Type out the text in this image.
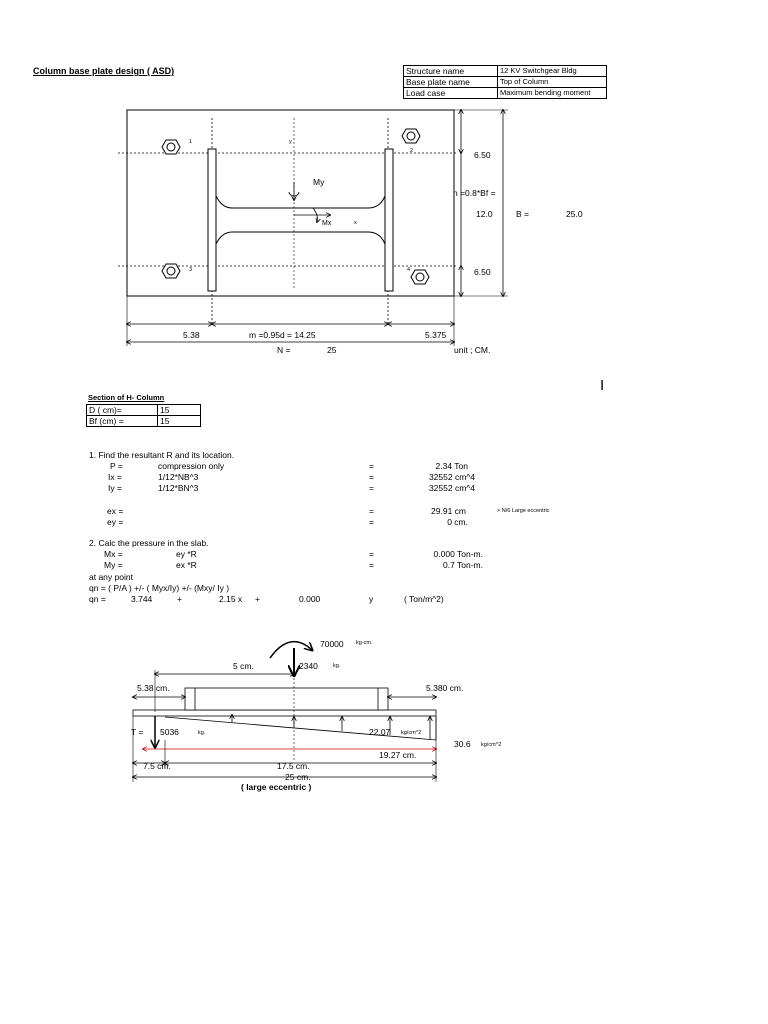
Column base plate design ( ASD)	Structure name	12 KV Switchgear Bldg
Base plate name	Top of Column
Load case	Maximum bending moment
1
2
3	4
y
x
My
Mx
6.50
n =0.8*Bf =
12.0	B =	25.0
6.50
5.38	m =0.95d = 14.25	5.375
N =	25	unit ; CM.
I
Section of H- Column
D ( cm)=	15
Bf (cm) =	15
1. Find the resultant R and its location.
P =	compression only	=	2.34 Ton
Ix =	1/12*NB^3	=	32552 cm^4
Iy =	1/12*BN^3	=	32552 cm^4
ex =	=	29.91 cm	> N/6 Large eccentric
ey =	=	0 cm.
2. Calc the pressure in the slab.
Mx =	ey *R	=	0.000 Ton-m.
My =	ex *R	=	0.7 Ton-m.
at any point
qn = ( P/A ) +/- ( Myx/Iy) +/- (Mxy/ Iy )
qn =	3.744	+	2.15 x +	0.000	y	( Ton/m^2)
70000 kg-cm.
5 cm.	2340	kg.
5.38 cm.	5.380 cm.
T = 5036	kg.	22.07 kg/cm^2
30.6 kg/cm^2
19.27 cm.
7.5 cm.	17.5 cm.
25 cm.
( large eccentric )
